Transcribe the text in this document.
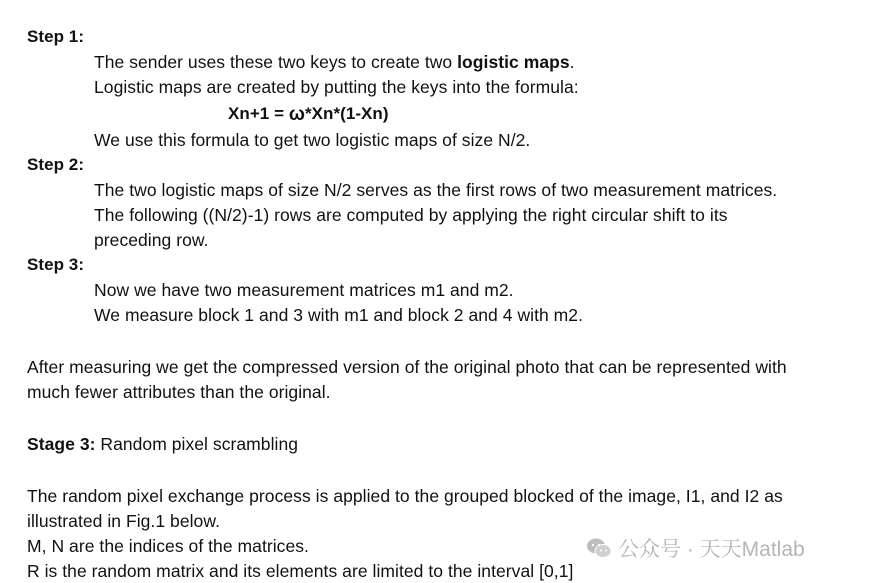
Step 1:
The sender uses these two keys to create two logistic maps.
Logistic maps are created by putting the keys into the formula:
Xn+1 = ω*Xn*(1-Xn)
We use this formula to get two logistic maps of size N/2.
Step 2:
The two logistic maps of size N/2 serves as the first rows of two measurement matrices.
The following ((N/2)-1) rows are computed by applying the right circular shift to its
preceding row.
Step 3:
Now we have two measurement matrices m1 and m2.
We measure block 1 and 3 with m1 and block 2 and 4 with m2.
After measuring we get the compressed version of the original photo that can be represented with
much fewer attributes than the original.
Stage 3: Random pixel scrambling
The random pixel exchange process is applied to the grouped blocked of the image, I1, and I2 as
illustrated in Fig.1 below.
M, N are the indices of the matrices.
R is the random matrix and its elements are limited to the interval [0,1]
公众号 · 天天Matlab
